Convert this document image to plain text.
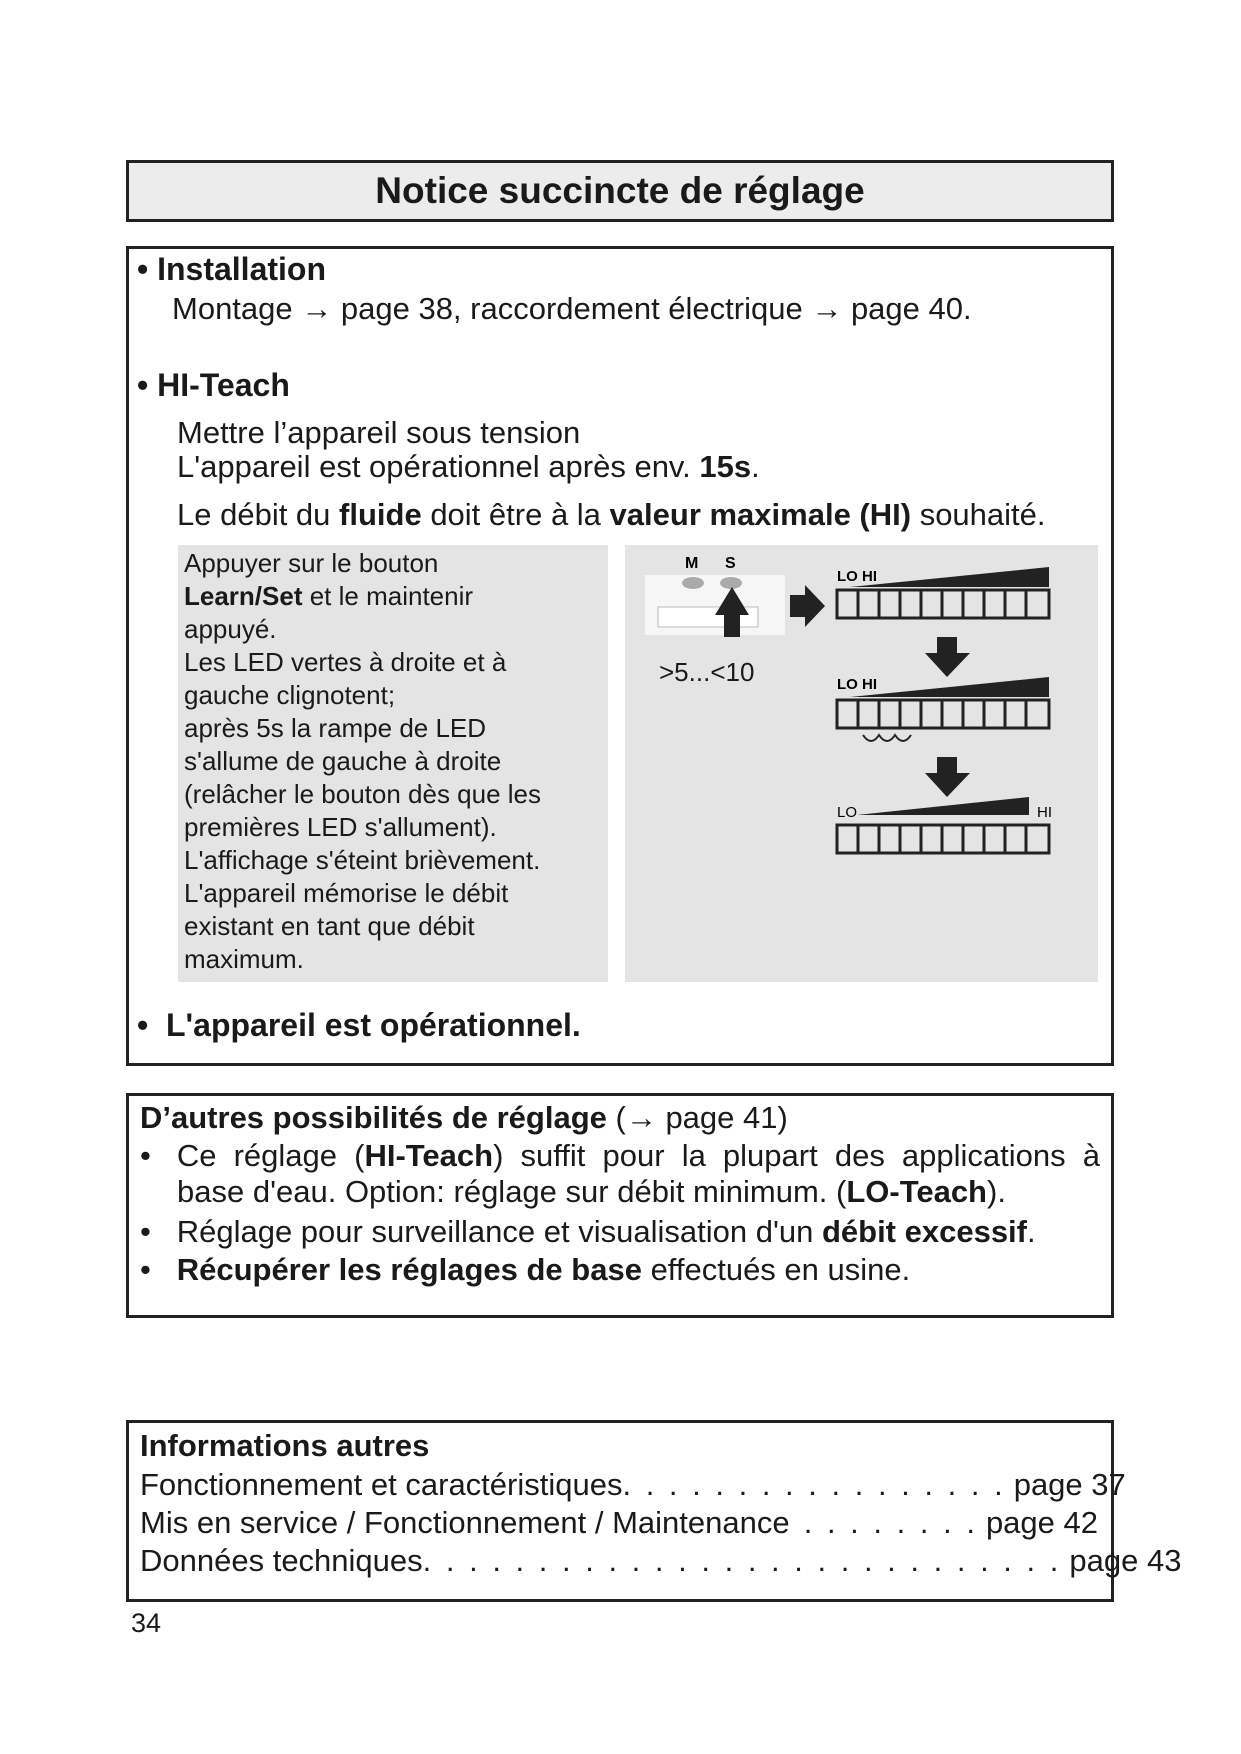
Notice succincte de réglage
• Installation
Montage → page 38, raccordement électrique → page 40.
• HI-Teach
Mettre l’appareil sous tension
L'appareil est opérationnel après env. 15s.
Le débit du fluide doit être à la valeur maximale (HI) souhaité.
Appuyer sur le bouton
Learn/Set et le maintenir
appuyé.
Les LED vertes à droite et à
gauche clignotent;
après 5s la rampe de LED
s'allume de gauche à droite
(relâcher le bouton dès que les
premières LED s'allument).
L'affichage s'éteint brièvement.
L'appareil mémorise le débit
existant en tant que débit
maximum.
M S
LO HI
LO HI
LO	HI
>5...<10
•  L'appareil est opérationnel.
D’autres possibilités de réglage (→ page 41)
• Ce réglage (HI-Teach) suffit pour la plupart des applications à
base d'eau. Option: réglage sur débit minimum. (LO-Teach).
•   Réglage pour surveillance et visualisation d'un débit excessif.
•   Récupérer les réglages de base effectués en usine.
Informations autres
Fonctionnement et caractéristiques . . . . . . . . . . . . . . . . . page 37
Mis en service / Fonctionnement / Maintenance . . . . . . . . page 42
Données techniques . . . . . . . . . . . . . . . . . . . . . . . . . . . . page 43
34
